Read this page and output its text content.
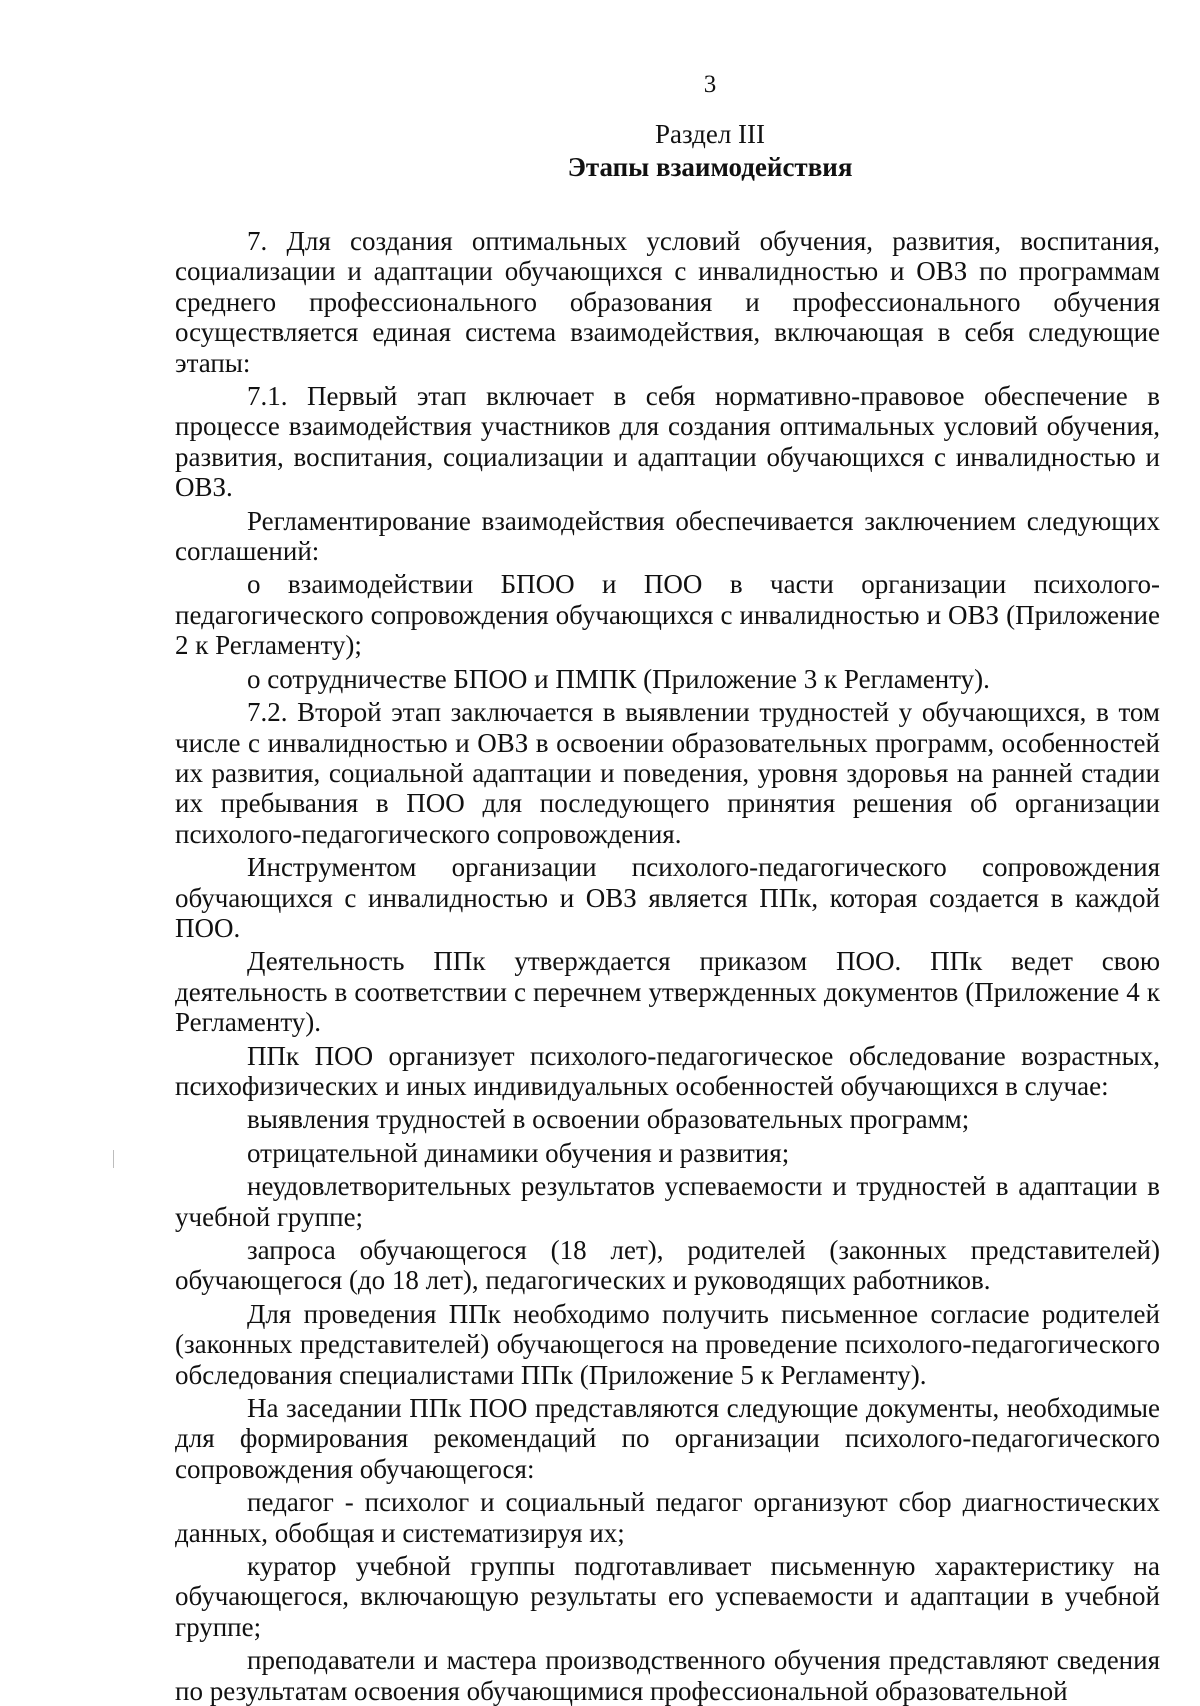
3
Раздел III
Этапы взаимодействия

7. Для создания оптимальных условий обучения, развития, воспитания, социализации и адаптации обучающихся с инвалидностью и ОВЗ по программам среднего профессионального образования и профессионального обучения осуществляется единая система взаимодействия, включающая в себя следующие этапы:

7.1. Первый этап включает в себя нормативно-правовое обеспечение в процессе взаимодействия участников для создания оптимальных условий обучения, развития, воспитания, социализации и адаптации обучающихся с инвалидностью и ОВЗ.

Регламентирование взаимодействия обеспечивается заключением следующих соглашений:

о взаимодействии БПОО и ПОО в части организации психолого-педагогического сопровождения обучающихся с инвалидностью и ОВЗ (Приложение 2 к Регламенту);

о сотрудничестве БПОО и ПМПК (Приложение 3 к Регламенту).

7.2. Второй этап заключается в выявлении трудностей у обучающихся, в том числе с инвалидностью и ОВЗ в освоении образовательных программ, особенностей их развития, социальной адаптации и поведения, уровня здоровья на ранней стадии их пребывания в ПОО для последующего принятия решения об организации психолого-педагогического сопровождения.

Инструментом организации психолого-педагогического сопровождения обучающихся с инвалидностью и ОВЗ является ППк, которая создается в каждой ПОО.

Деятельность ППк утверждается приказом ПОО. ППк ведет свою деятельность в соответствии с перечнем утвержденных документов (Приложение 4 к Регламенту).

ППк ПОО организует психолого-педагогическое обследование возрастных, психофизических и иных индивидуальных особенностей обучающихся в случае:

выявления трудностей в освоении образовательных программ;

отрицательной динамики обучения и развития;

неудовлетворительных результатов успеваемости и трудностей в адаптации в учебной группе;

запроса обучающегося (18 лет), родителей (законных представителей) обучающегося (до 18 лет), педагогических и руководящих работников.

Для проведения ППк необходимо получить письменное согласие родителей (законных представителей) обучающегося на проведение психолого-педагогического обследования специалистами ППк (Приложение 5 к Регламенту).

На заседании ППк ПОО представляются следующие документы, необходимые для формирования рекомендаций по организации психолого-педагогического сопровождения обучающегося:

педагог - психолог и социальный педагог организуют сбор диагностических данных, обобщая и систематизируя их;

куратор учебной группы подготавливает письменную характеристику на обучающегося, включающую результаты его успеваемости и адаптации в учебной группе;

преподаватели и мастера производственного обучения представляют сведения по результатам освоения обучающимися профессиональной образовательной
